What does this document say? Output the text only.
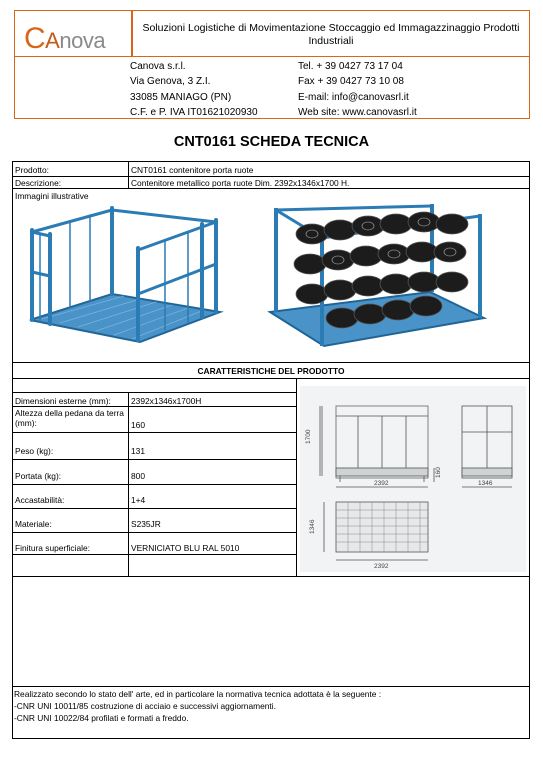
CAnova	Soluzioni Logistiche di Movimentazione Stoccaggio ed Immagazzinaggio Prodotti Industriali
Canova s.r.l.
Via Genova, 3 Z.I.
33085 MANIAGO (PN)
C.F. e P. IVA IT01621020930
Tel. + 39 0427 73 17 04
Fax + 39 0427 73 10 08
E-mail: info@canovasrl.it
Web site: www.canovasrl.it
CNT0161 SCHEDA TECNICA
Prodotto:	CNT0161 contenitore porta ruote
Descrizione:	Contenitore metallico porta ruote Dim. 2392x1346x1700 H.
Immagini illustrative
CARATTERISTICHE DEL PRODOTTO
Dimensioni esterne (mm): 2392x1346x1700H
Altezza della pedana da terra (mm):	160
Peso (kg):	131
Portata (kg):	800
Accastabilità:	1+4
Materiale:	S235JR
Finitura superficiale:	VERNICIATO BLU RAL 5010
1700
160
2392	1346
1346
2392
Realizzato secondo lo stato dell' arte, ed in particolare la normativa tecnica adottata è la seguente :
-CNR UNI 10011/85 costruzione di acciaio e successivi aggiornamenti.
-CNR UNI 10022/84 profilati e formati a freddo.
